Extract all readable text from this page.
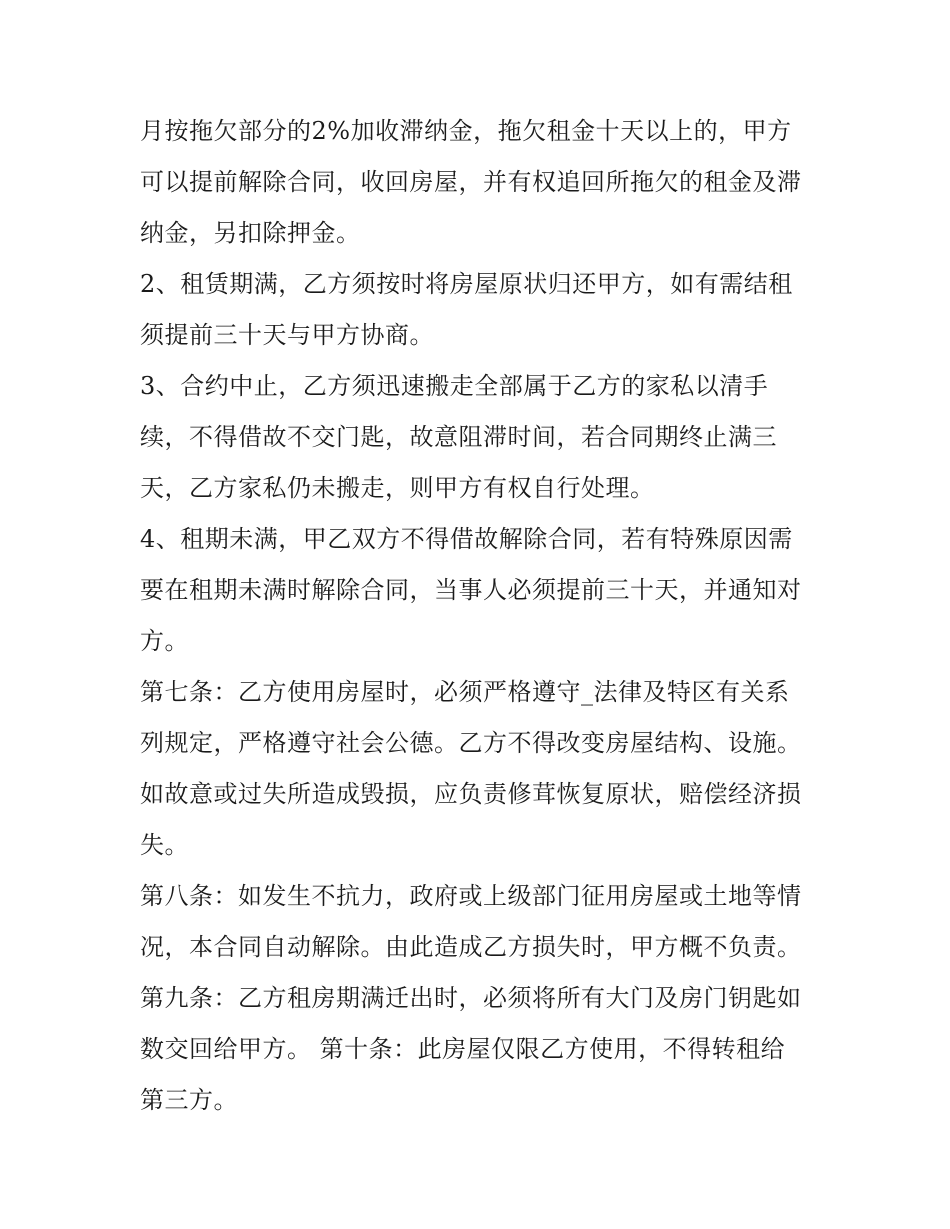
月按拖欠部分的2%加收滞纳金，拖欠租金十天以上的，甲方
可以提前解除合同，收回房屋，并有权追回所拖欠的租金及滞
纳金，另扣除押金。
2、租赁期满，乙方须按时将房屋原状归还甲方，如有需结租
须提前三十天与甲方协商。
3、合约中止，乙方须迅速搬走全部属于乙方的家私以清手
续，不得借故不交门匙，故意阻滞时间，若合同期终止满三
天，乙方家私仍未搬走，则甲方有权自行处理。
4、租期未满，甲乙双方不得借故解除合同，若有特殊原因需
要在租期未满时解除合同，当事人必须提前三十天，并通知对
方。
第七条：乙方使用房屋时，必须严格遵守_法律及特区有关系
列规定，严格遵守社会公德。乙方不得改变房屋结构、设施。
如故意或过失所造成毁损，应负责修茸恢复原状，赔偿经济损
失。
第八条：如发生不抗力，政府或上级部门征用房屋或土地等情
况，本合同自动解除。由此造成乙方损失时，甲方概不负责。
第九条：乙方租房期满迁出时，必须将所有大门及房门钥匙如
数交回给甲方。 第十条：此房屋仅限乙方使用，不得转租给
第三方。
